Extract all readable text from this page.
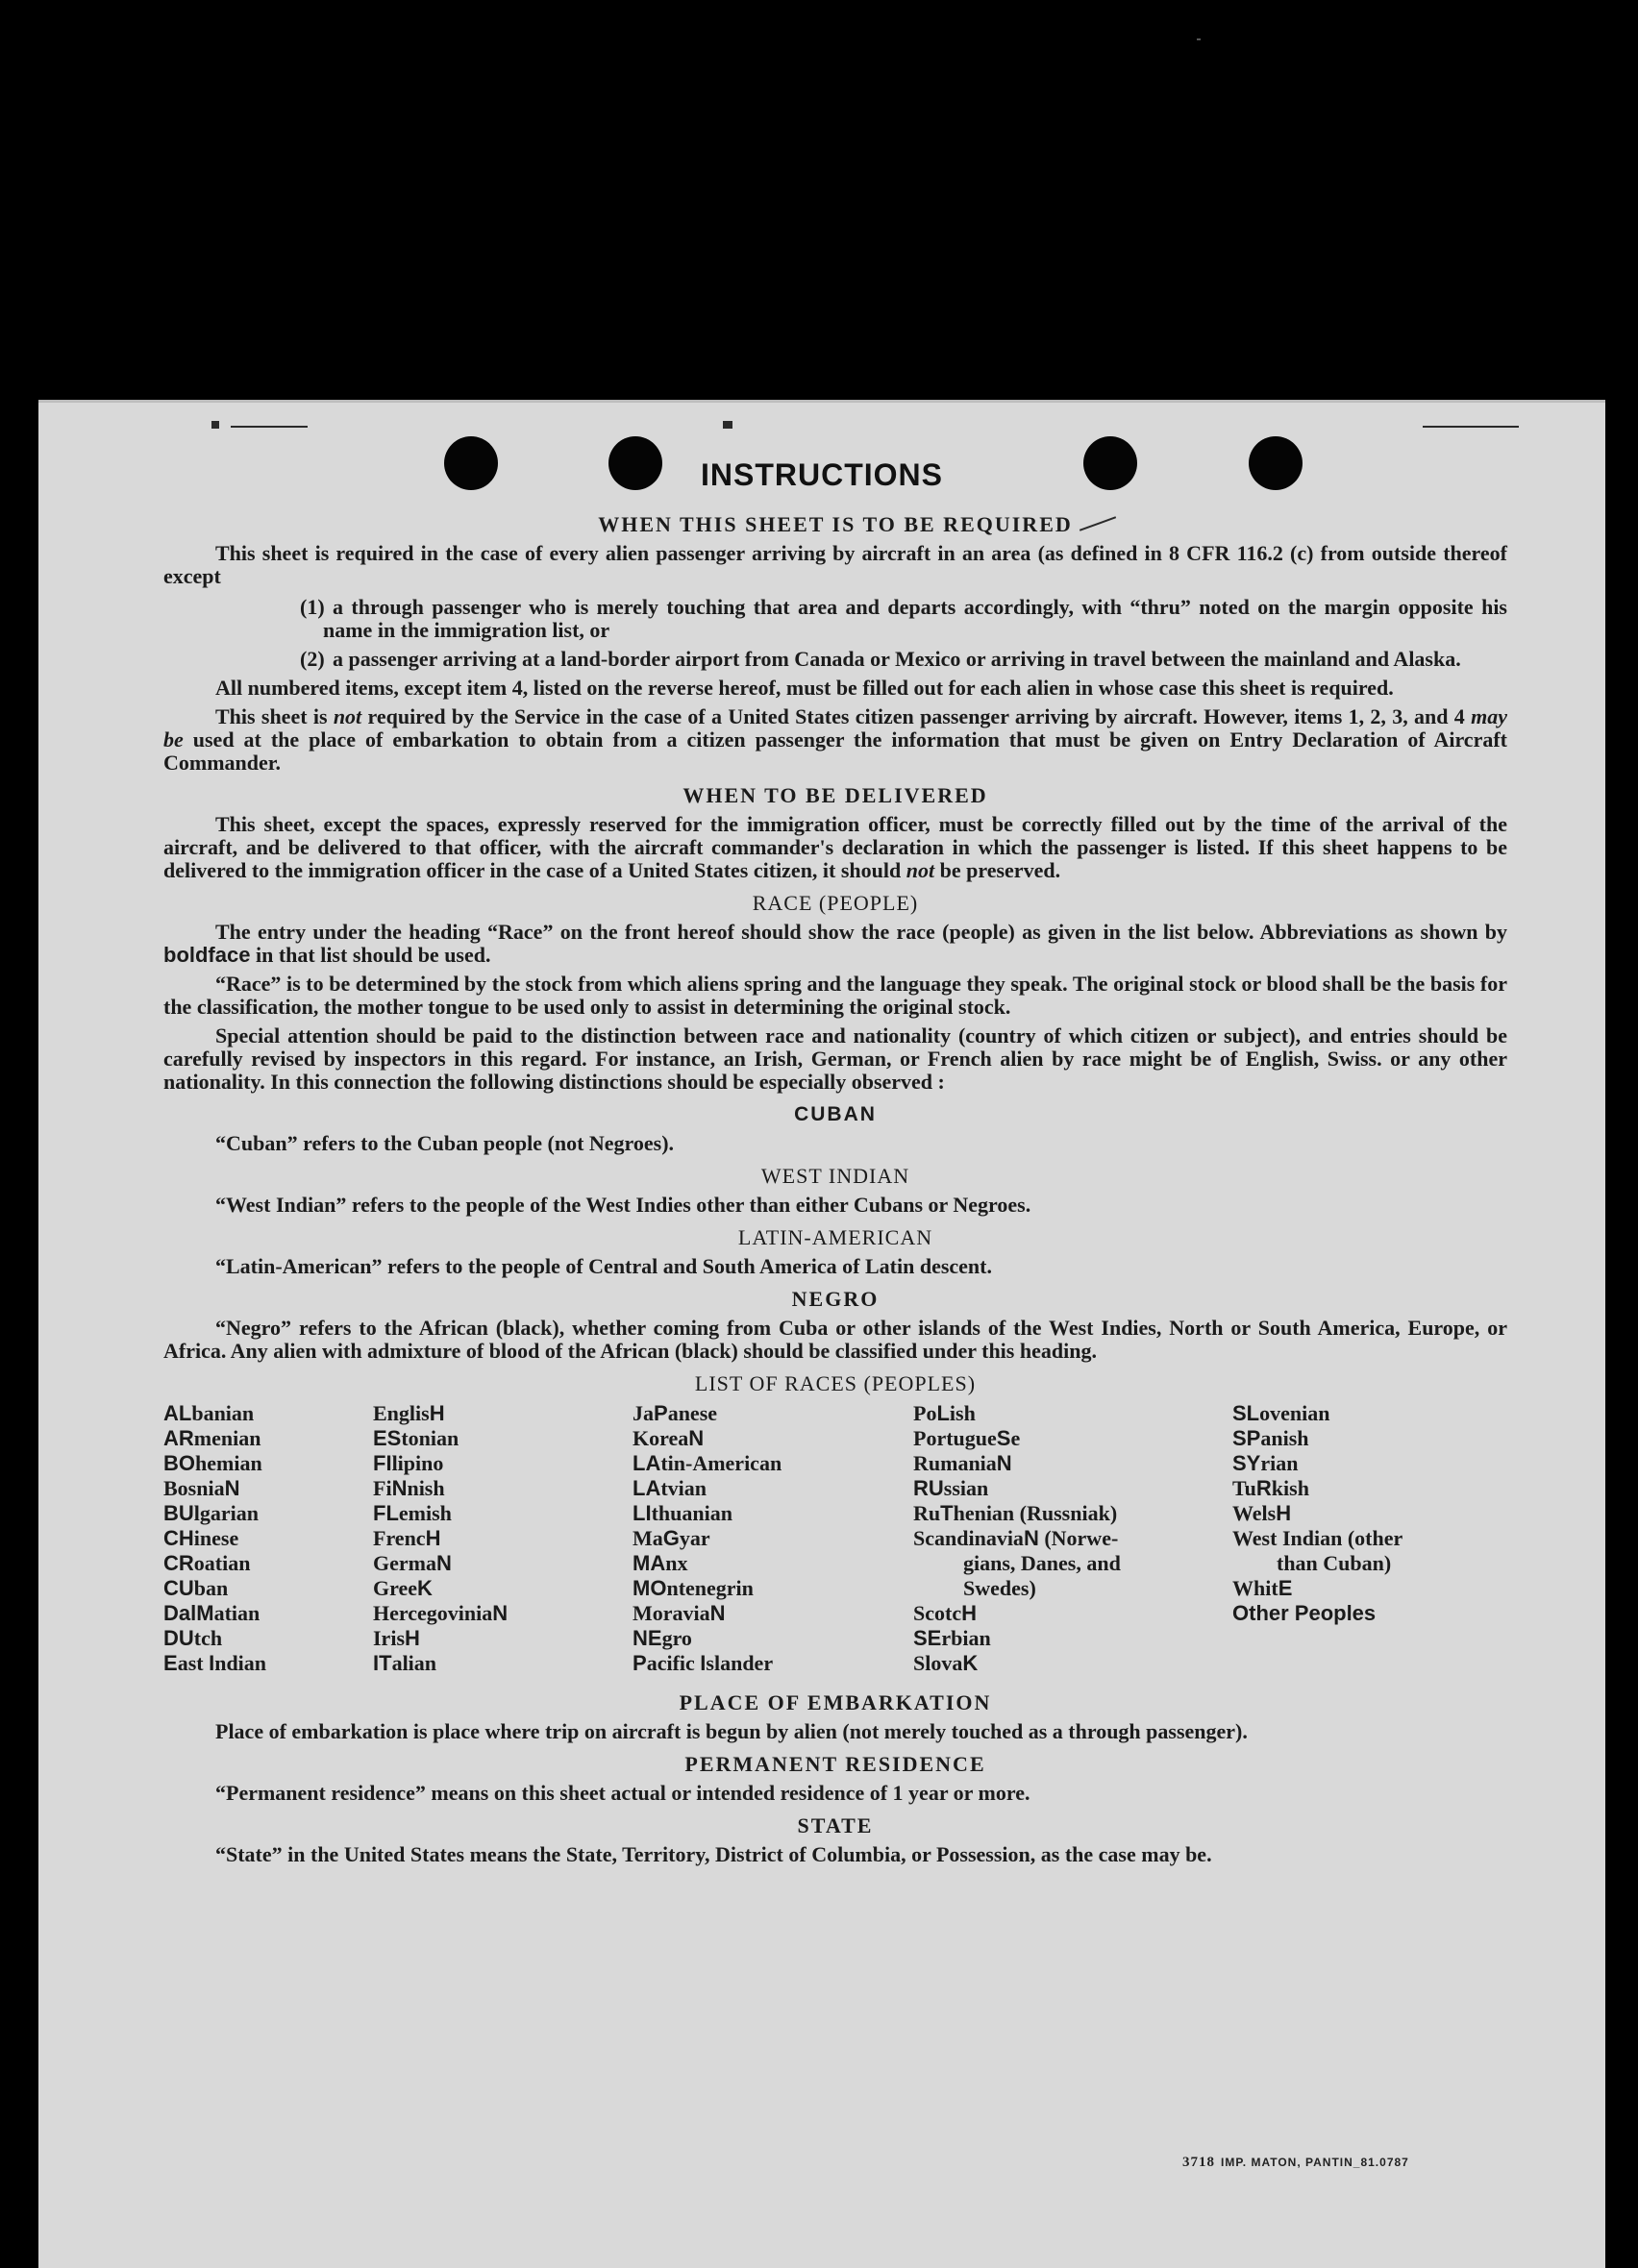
INSTRUCTIONS
WHEN THIS SHEET IS TO BE REQUIRED

This sheet is required in the case of every alien passenger arriving by aircraft in an area (as defined in 8 CFR 116.2 (c) from outside thereof except

(1) a through passenger who is merely touching that area and departs accordingly, with “thru” noted on the margin opposite his name in the immigration list, or
(2) a passenger arriving at a land-border airport from Canada or Mexico or arriving in travel between the mainland and Alaska.

All numbered items, except item 4, listed on the reverse hereof, must be filled out for each alien in whose case this sheet is required.

This sheet is not required by the Service in the case of a United States citizen passenger arriving by aircraft. However, items 1, 2, 3, and 4 may be used at the place of embarkation to obtain from a citizen passenger the information that must be given on Entry Declaration of Aircraft Commander.

WHEN TO BE DELIVERED

This sheet, except the spaces, expressly reserved for the immigration officer, must be correctly filled out by the time of the arrival of the aircraft, and be delivered to that officer, with the aircraft commander's declaration in which the passenger is listed. If this sheet happens to be delivered to the immigration officer in the case of a United States citizen, it should not be preserved.

RACE (PEOPLE)

The entry under the heading “Race” on the front hereof should show the race (people) as given in the list below. Abbreviations as shown by boldface in that list should be used.

“Race” is to be determined by the stock from which aliens spring and the language they speak. The original stock or blood shall be the basis for the classification, the mother tongue to be used only to assist in determining the original stock.

Special attention should be paid to the distinction between race and nationality (country of which citizen or subject), and entries should be carefully revised by inspectors in this regard. For instance, an Irish, German, or French alien by race might be of English, Swiss. or any other nationality. In this connection the following distinctions should be especially observed :

CUBAN

“Cuban” refers to the Cuban people (not Negroes).

WEST INDIAN

“West Indian” refers to the people of the West Indies other than either Cubans or Negroes.

LATIN-AMERICAN

“Latin-American” refers to the people of Central and South America of Latin descent.

NEGRO

“Negro” refers to the African (black), whether coming from Cuba or other islands of the West Indies, North or South America, Europe, or Africa. Any alien with admixture of blood of the African (black) should be classified under this heading.

LIST OF RACES (PEOPLES)
ALbanian
ARmenian
BOhemian
BosniaN
BUlgarian
CHinese
CRoatian
CUban
DalMatian
DUtch
East Indian
EnglisH
EStonian
FIlipino
FiNnish
FLemish
FrencH
GermaN
GreeK
HercegoviniaN
IrisH
ITalian
JaPanese
KoreaN
LAtin-American
LAtvian
LIthuanian
MaGyar
MAnx
MOntenegrin
MoraviaN
NEgro
Pacific Islander
PoLish
PortugueSe
RumaniaN
RUssian
RuThenian (Russniak)
ScandinaviaN (Norwe-
gians, Danes, and
Swedes)
ScotcH
SErbian
SlovaK
SLovenian
SPanish
SYrian
TuRkish
WelsH
West Indian (other
than Cuban)
WhitE
Other Peoples
PLACE OF EMBARKATION

Place of embarkation is place where trip on aircraft is begun by alien (not merely touched as a through passenger).

PERMANENT RESIDENCE

“Permanent residence” means on this sheet actual or intended residence of 1 year or more.

STATE

“State” in the United States means the State, Territory, District of Columbia, or Possession, as the case may be.

3718 IMP. MATON, PANTIN_81.0787
